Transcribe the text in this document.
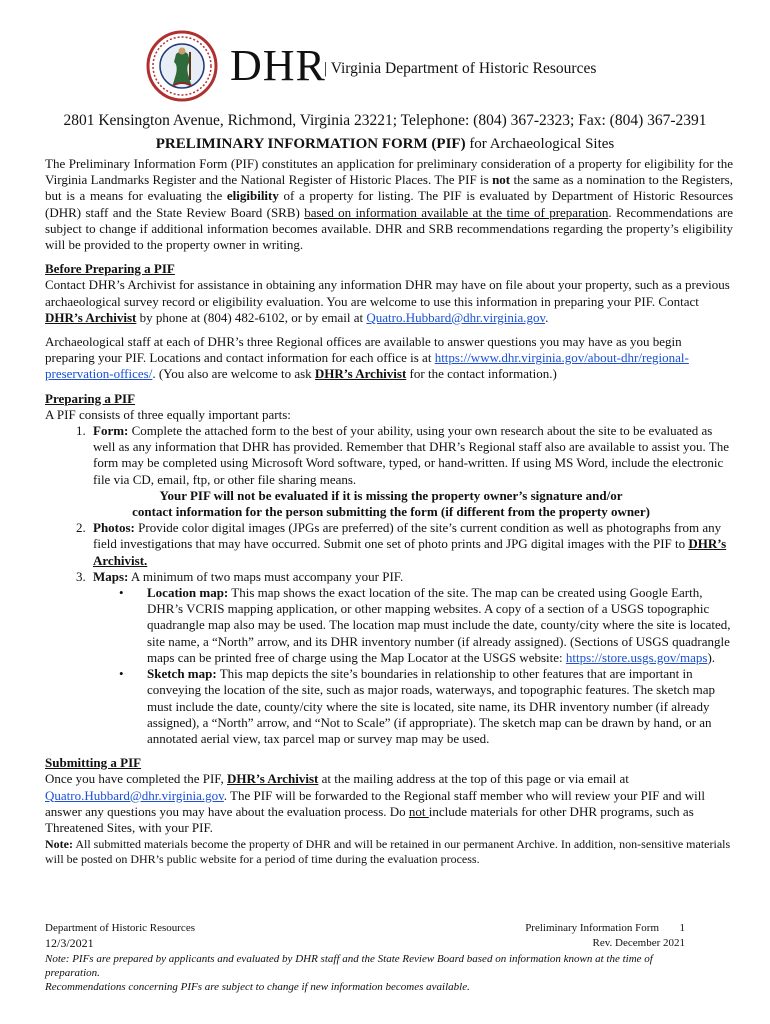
DHR
| Virginia Department of Historic Resources
2801 Kensington Avenue, Richmond, Virginia 23221; Telephone: (804) 367-2323; Fax: (804) 367-2391
PRELIMINARY INFORMATION FORM (PIF) for Archaeological Sites

The Preliminary Information Form (PIF) constitutes an application for preliminary consideration of a property for eligibility for the Virginia Landmarks Register and the National Register of Historic Places. The PIF is not the same as a nomination to the Registers, but is a means for evaluating the eligibility of a property for listing. The PIF is evaluated by Department of Historic Resources (DHR) staff and the State Review Board (SRB) based on information available at the time of preparation. Recommendations are subject to change if additional information becomes available. DHR and SRB recommendations regarding the property’s eligibility will be provided to the property owner in writing.

Before Preparing a PIF

Contact DHR’s Archivist for assistance in obtaining any information DHR may have on file about your property, such as a previous archaeological survey record or eligibility evaluation. You are welcome to use this information in preparing your PIF. Contact DHR’s Archivist by phone at (804) 482-6102, or by email at Quatro.Hubbard@dhr.virginia.gov.

Archaeological staff at each of DHR’s three Regional offices are available to answer questions you may have as you begin preparing your PIF. Locations and contact information for each office is at https://www.dhr.virginia.gov/about-dhr/regional-preservation-offices/. (You also are welcome to ask DHR’s Archivist for the contact information.)

Preparing a PIF

A PIF consists of three equally important parts:

1. Form: Complete the attached form to the best of your ability, using your own research about the site to be evaluated as well as any information that DHR has provided. Remember that DHR’s Regional staff also are available to assist you. The form may be completed using Microsoft Word software, typed, or hand-written. If using MS Word, include the electronic file via CD, email, ftp, or other file sharing means.
Your PIF will not be evaluated if it is missing the property owner’s signature and/or
contact information for the person submitting the form (if different from the property owner)
2. Photos: Provide color digital images (JPGs are preferred) of the site’s current condition as well as photographs from any field investigations that may have occurred. Submit one set of photo prints and JPG digital images with the PIF to DHR’s Archivist.
3. Maps: A minimum of two maps must accompany your PIF.
• Location map: This map shows the exact location of the site. The map can be created using Google Earth, DHR’s VCRIS mapping application, or other mapping websites. A copy of a section of a USGS topographic quadrangle map also may be used. The location map must include the date, county/city where the site is located, site name, a “North” arrow, and its DHR inventory number (if already assigned). (Sections of USGS quadrangle maps can be printed free of charge using the Map Locator at the USGS website: https://store.usgs.gov/maps).
• Sketch map: This map depicts the site’s boundaries in relationship to other features that are important in conveying the location of the site, such as major roads, waterways, and topographic features. The sketch map must include the date, county/city where the site is located, site name, its DHR inventory number (if already assigned), a “North” arrow, and “Not to Scale” (if appropriate). The sketch map can be drawn by hand, or an annotated aerial view, tax parcel map or survey map may be used.

Submitting a PIF

Once you have completed the PIF, DHR’s Archivist at the mailing address at the top of this page or via email at Quatro.Hubbard@dhr.virginia.gov. The PIF will be forwarded to the Regional staff member who will review your PIF and will answer any questions you may have about the evaluation process. Do not include materials for other DHR programs, such as Threatened Sites, with your PIF.

Note: All submitted materials become the property of DHR and will be retained in our permanent Archive. In addition, non-sensitive materials will be posted on DHR’s public website for a period of time during the evaluation process.

Department of Historic Resources	Preliminary Information Form 1
12/3/2021	Rev. December 2021
Note: PIFs are prepared by applicants and evaluated by DHR staff and the State Review Board based on information known at the time of preparation.
Recommendations concerning PIFs are subject to change if new information becomes available.
